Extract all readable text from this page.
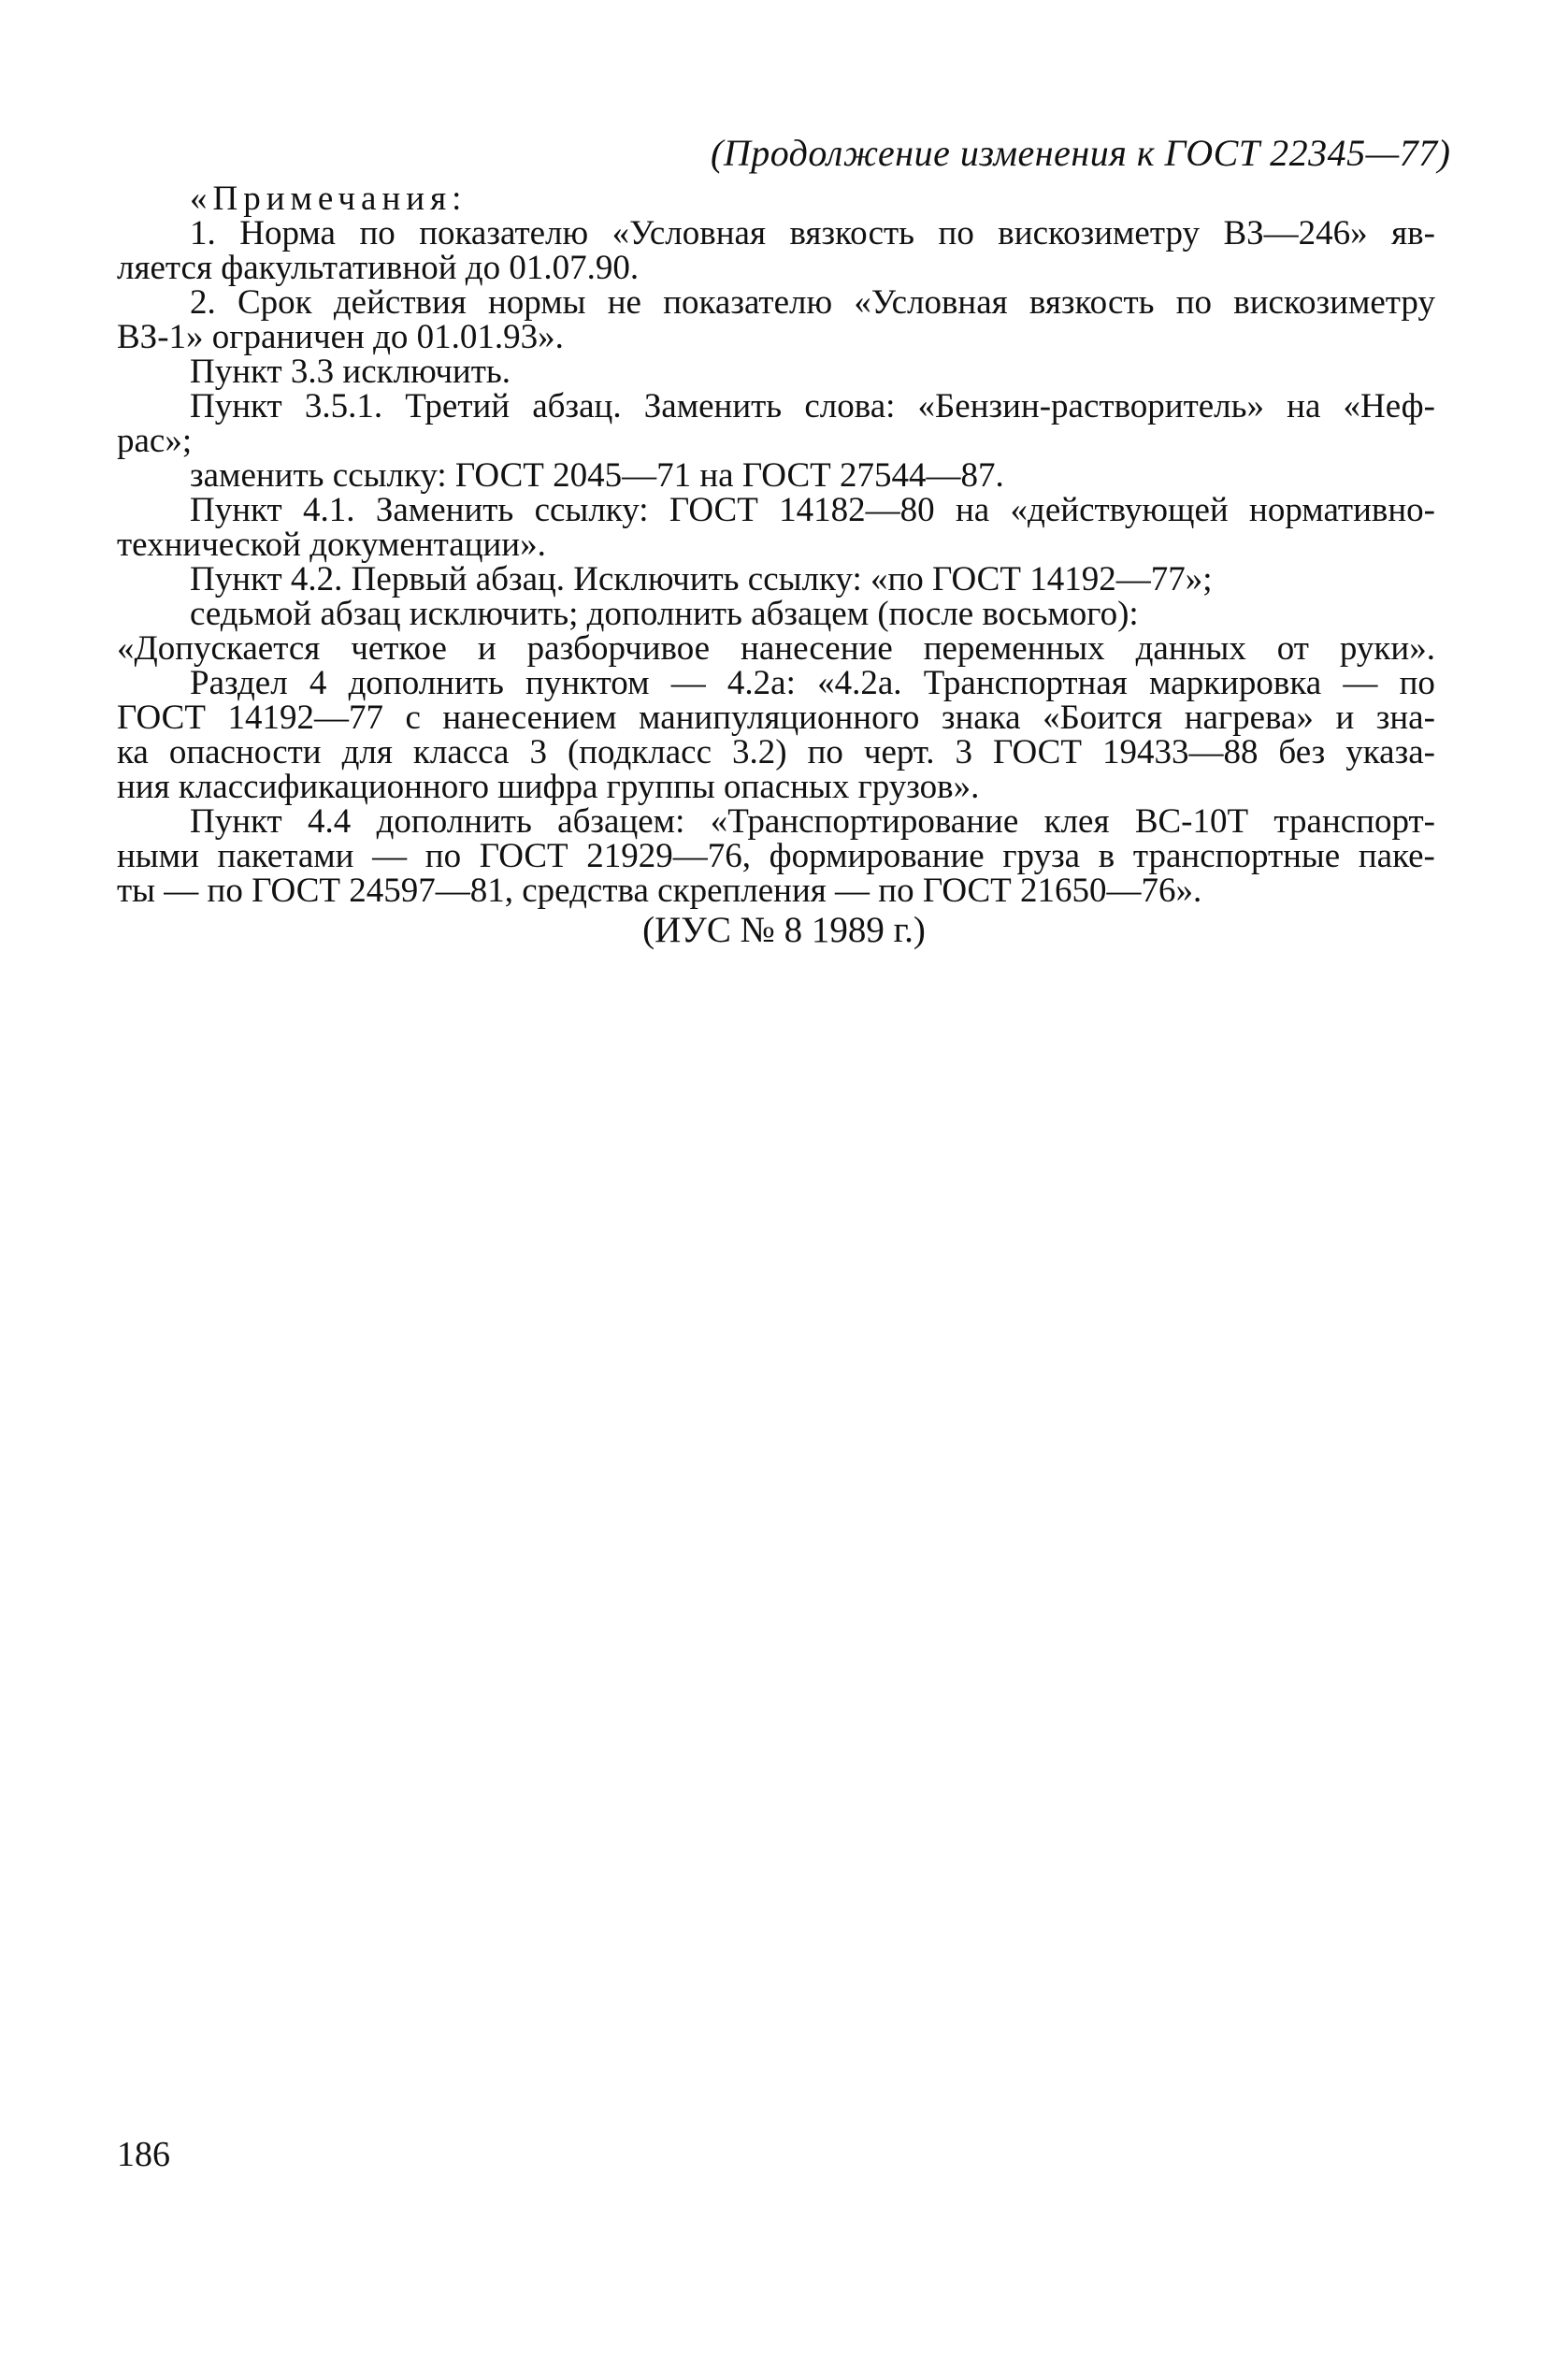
(Продолжение изменения к ГОСТ 22345—77)
«Примечания:
1. Норма по показателю «Условная вязкость по вискозиметру ВЗ—246» яв-
ляется факультативной до 01.07.90.
2. Срок действия нормы не показателю «Условная вязкость по вискозиметру
ВЗ-1» ограничен до 01.01.93».
Пункт 3.3 исключить.
Пункт 3.5.1. Третий абзац. Заменить слова: «Бензин-растворитель» на «Неф-
рас»;
заменить ссылку: ГОСТ 2045—71 на ГОСТ 27544—87.
Пункт 4.1. Заменить ссылку: ГОСТ 14182—80 на «действующей нормативно-
технической документации».
Пункт 4.2. Первый абзац. Исключить ссылку: «по ГОСТ 14192—77»;
седьмой абзац исключить; дополнить абзацем (после восьмого):
«Допускается четкое и разборчивое нанесение переменных данных от руки».
Раздел 4 дополнить пунктом — 4.2а: «4.2а. Транспортная маркировка — по
ГОСТ 14192—77 с нанесением манипуляционного знака «Боится нагрева» и зна-
ка опасности для класса 3 (подкласс 3.2) по черт. 3 ГОСТ 19433—88 без указа-
ния классификационного шифра группы опасных грузов».
Пункт 4.4 дополнить абзацем: «Транспортирование клея ВС-10Т транспорт-
ными пакетами — по ГОСТ 21929—76, формирование груза в транспортные паке-
ты — по ГОСТ 24597—81, средства скрепления — по ГОСТ 21650—76».
(ИУС № 8 1989 г.)
186
